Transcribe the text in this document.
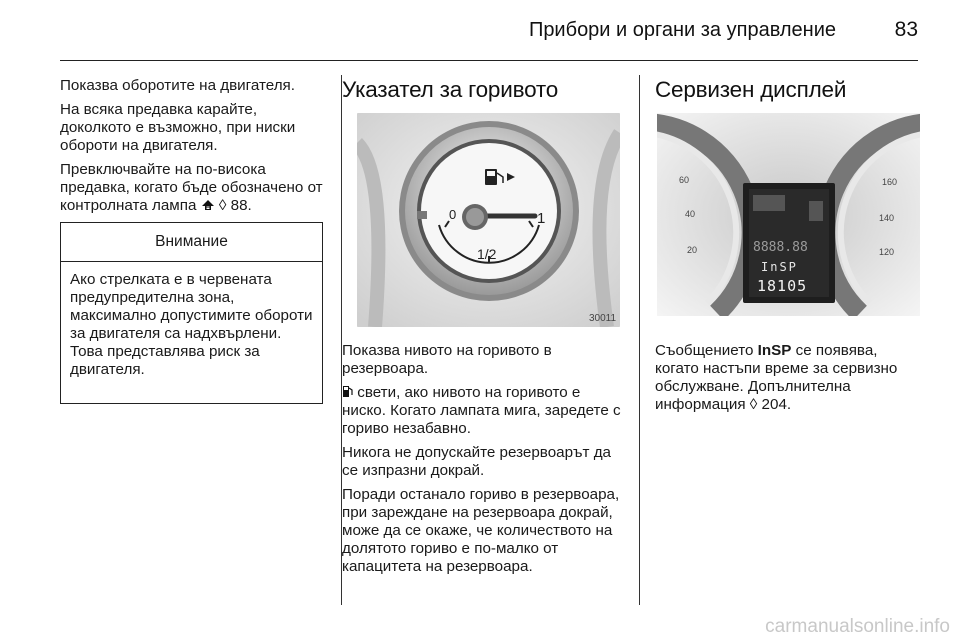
Прибори и органи за управление	83

Показва оборотите на двигателя.

На всяка предавка карайте, доколкото е възможно, при ниски обороти на двигателя.

Превключвайте на по-висока предавка, когато бъде обозначено от контролната лампа ◊ 88.

Внимание
Ако стрелката е в червената предупредителна зона, максимално допустимите обороти за двигателя са надхвърлени. Това представлява риск за двигателя.
Указател за горивото
0	1
1/2
30011

Показва нивото на горивото в резервоара.

свети, ако нивото на горивото е ниско. Когато лампата мига, заредете с гориво незабавно.

Никога не допускайте резервоарът да се изпразни докрай.

Поради останало гориво в резервоара, при зареждане на резервоара докрай, може да се окаже, че количеството на долятото гориво е по-малко от капацитета на резервоара.

Сервизен дисплей
60
40
20
160
140
120
8888.88
InSP
18105

Съобщението InSP се появява, когато настъпи време за сервизно обслужване. Допълнителна информация ◊ 204.

carmanualsonline.info
